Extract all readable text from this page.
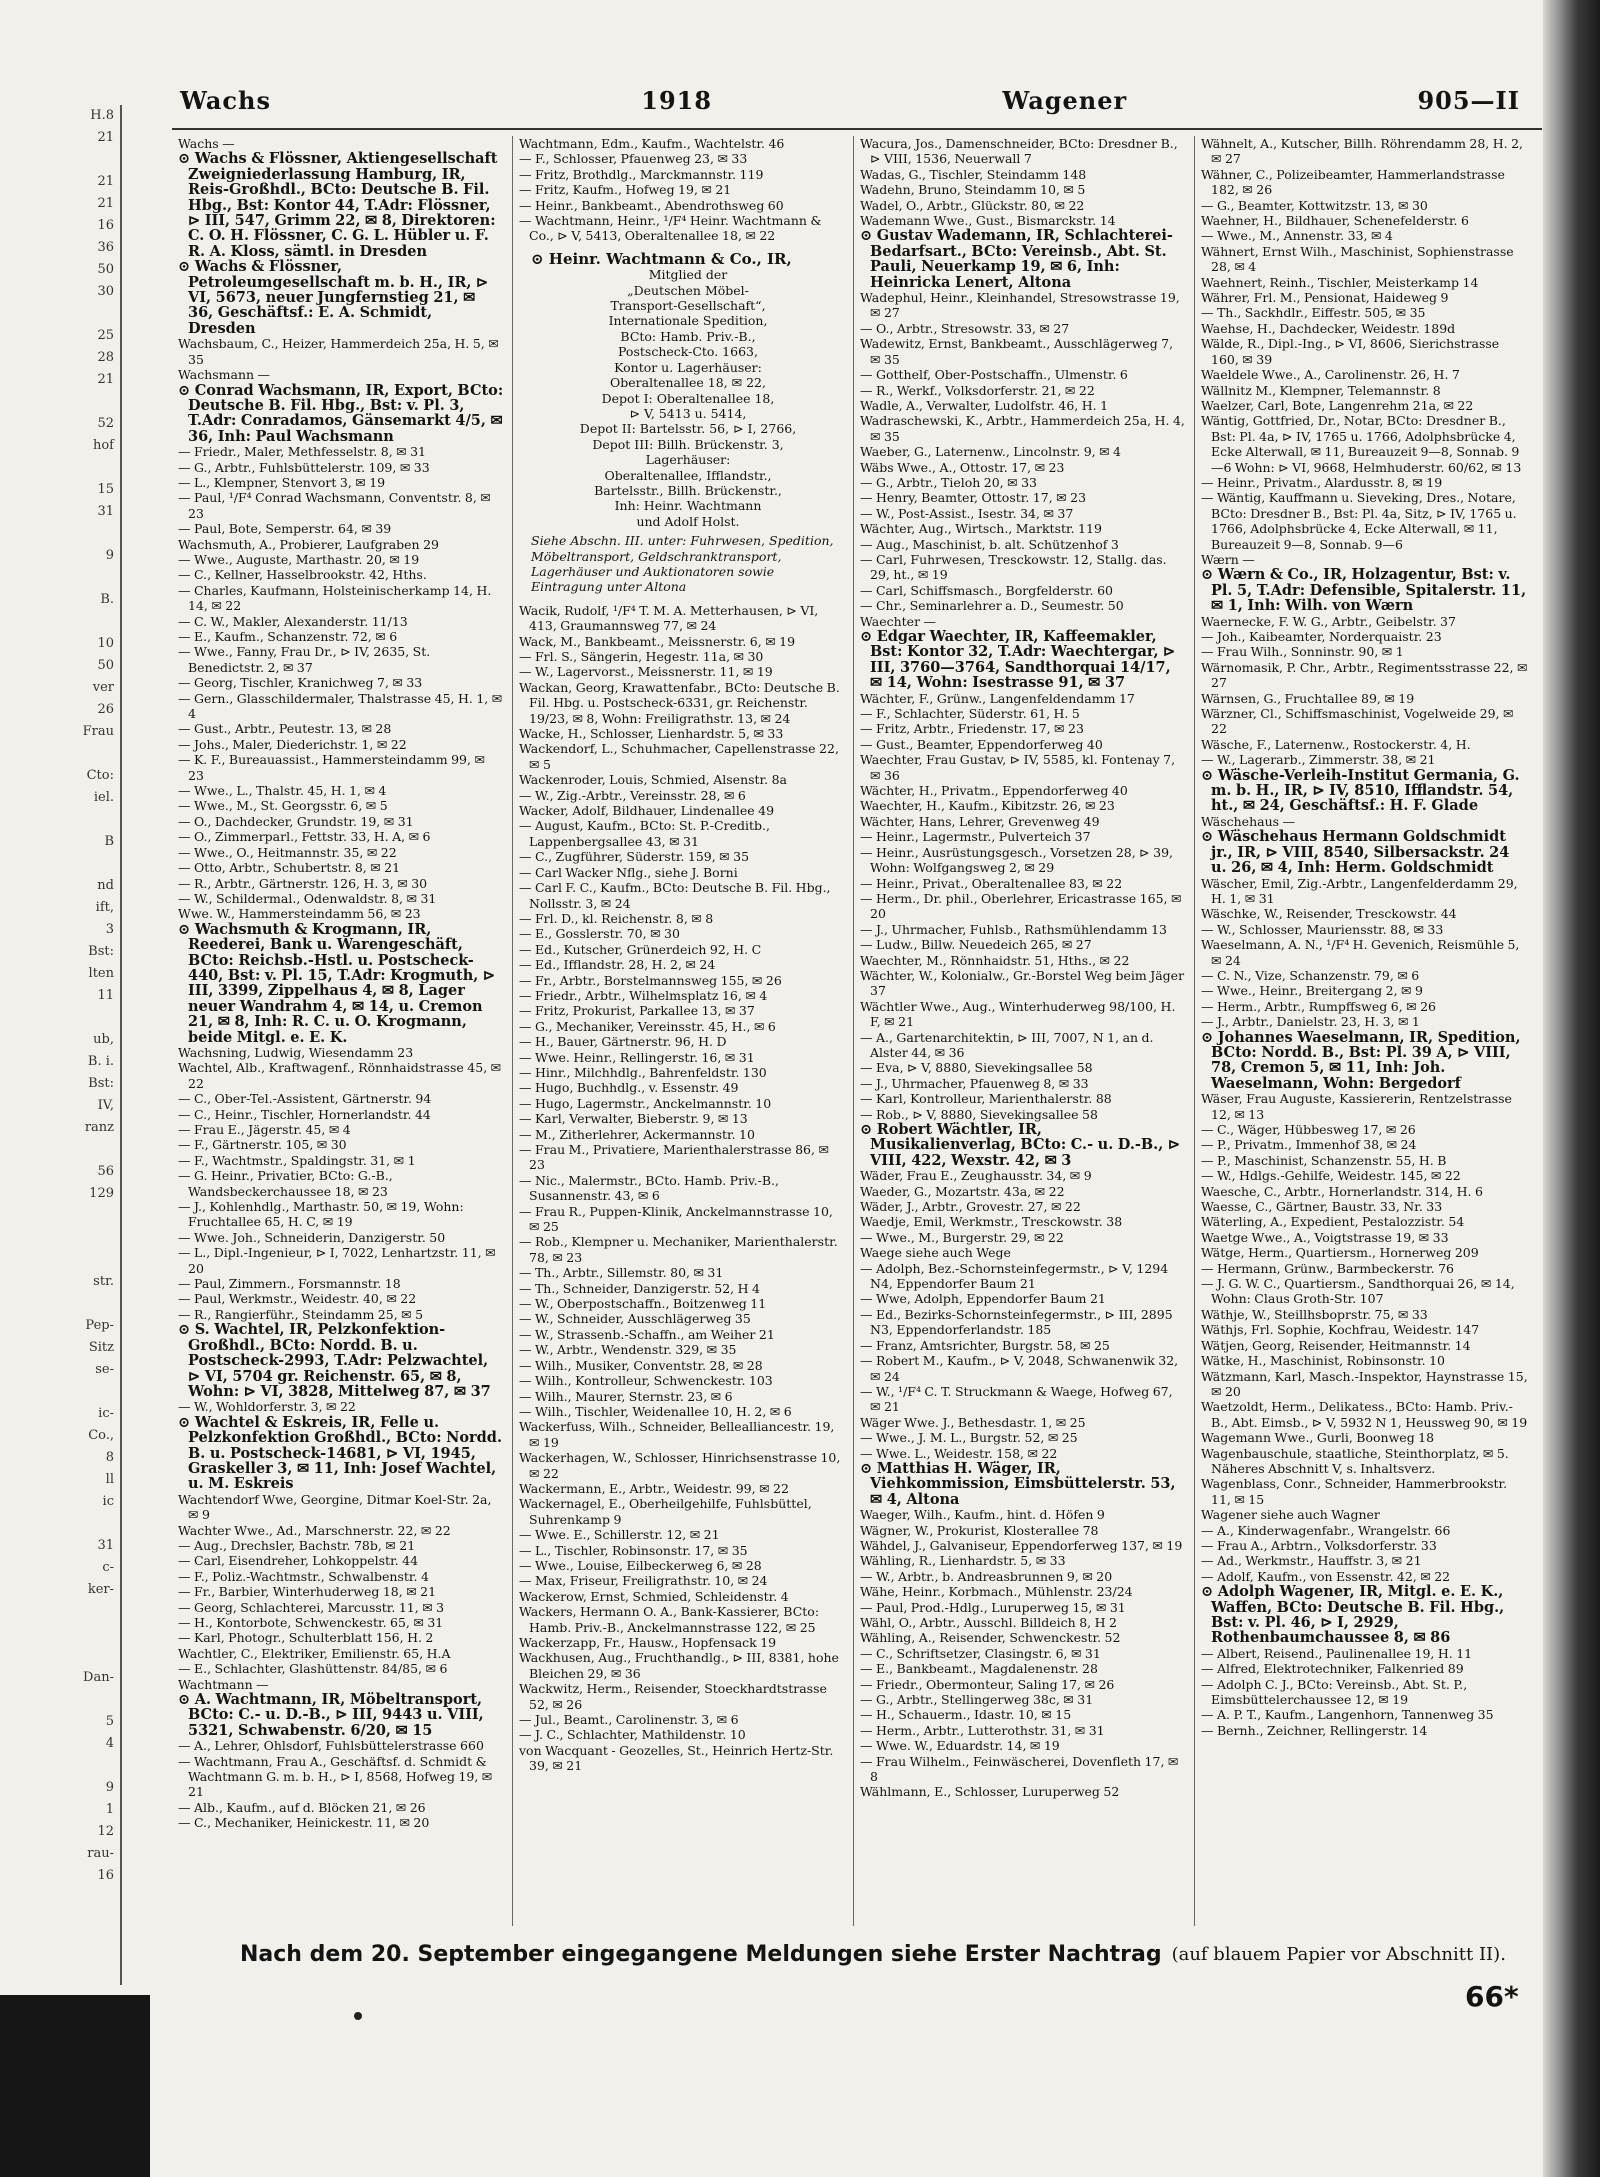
H.8
21

21
21
16
36
50
30

25
28
21

52
hof

15
31

9

B.

10
50
ver
26
Frau

Cto:
iel.

B

nd
ift,
3
Bst:
lten
11

ub,
B. i.
Bst:
IV,
ranz

56
129

str.

Pep-
Sitz
se-

ic-
Co.,
8
ll
ic

31
c-
ker-

Dan-

5
4

9
1
12
rau-
16
Wachs	1918	Wagener	905—II

Wachs —

⊙ Wachs & Flössner, Aktiengesellschaft Zweigniederlassung Hamburg, IR, Reis-Großhdl., BCto: Deutsche B. Fil. Hbg., Bst: Kontor 44, T.Adr: Flössner, ⊳ III, 547, Grimm 22, ✉ 8, Direktoren: C. O. H. Flössner, C. G. L. Hübler u. F. R. A. Kloss, sämtl. in Dresden

⊙ Wachs & Flössner, Petroleumgesellschaft m. b. H., IR, ⊳ VI, 5673, neuer Jungfernstieg 21, ✉ 36, Geschäftsf.: E. A. Schmidt, Dresden

Wachsbaum, C., Heizer, Hammerdeich 25a, H. 5, ✉ 35

Wachsmann —

⊙ Conrad Wachsmann, IR, Export, BCto: Deutsche B. Fil. Hbg., Bst: v. Pl. 3, T.Adr: Conradamos, Gänsemarkt 4/5, ✉ 36, Inh: Paul Wachsmann

— Friedr., Maler, Methfesselstr. 8, ✉ 31

— G., Arbtr., Fuhlsbüttelerstr. 109, ✉ 33

— L., Klempner, Stenvort 3, ✉ 19

— Paul, ¹/F⁴ Conrad Wachsmann, Conventstr. 8, ✉ 23

— Paul, Bote, Semperstr. 64, ✉ 39

Wachsmuth, A., Probierer, Laufgraben 29

— Wwe., Auguste, Marthastr. 20, ✉ 19

— C., Kellner, Hasselbrookstr. 42, Hths.

— Charles, Kaufmann, Holsteinischerkamp 14, H. 14, ✉ 22

— C. W., Makler, Alexanderstr. 11/13

— E., Kaufm., Schanzenstr. 72, ✉ 6

— Wwe., Fanny, Frau Dr., ⊳ IV, 2635, St. Benedictstr. 2, ✉ 37

— Georg, Tischler, Kranichweg 7, ✉ 33

— Gern., Glasschildermaler, Thalstrasse 45, H. 1, ✉ 4

— Gust., Arbtr., Peutestr. 13, ✉ 28

— Johs., Maler, Diederichstr. 1, ✉ 22

— K. F., Bureauassist., Hammersteindamm 99, ✉ 23

— Wwe., L., Thalstr. 45, H. 1, ✉ 4

— Wwe., M., St. Georgsstr. 6, ✉ 5

— O., Dachdecker, Grundstr. 19, ✉ 31

— O., Zimmerparl., Fettstr. 33, H. A, ✉ 6

— Wwe., O., Heitmannstr. 35, ✉ 22

— Otto, Arbtr., Schubertstr. 8, ✉ 21

— R., Arbtr., Gärtnerstr. 126, H. 3, ✉ 30

— W., Schildermal., Odenwaldstr. 8, ✉ 31

Wwe. W., Hammersteindamm 56, ✉ 23

⊙ Wachsmuth & Krogmann, IR, Reederei, Bank u. Warengeschäft, BCto: Reichsb.-Hstl. u. Postscheck-440, Bst: v. Pl. 15, T.Adr: Krogmuth, ⊳ III, 3399, Zippelhaus 4, ✉ 8, Lager neuer Wandrahm 4, ✉ 14, u. Cremon 21, ✉ 8, Inh: R. C. u. O. Krogmann, beide Mitgl. e. E. K.

Wachsning, Ludwig, Wiesendamm 23

Wachtel, Alb., Kraftwagenf., Rönnhaidstrasse 45, ✉ 22

— C., Ober-Tel.-Assistent, Gärtnerstr. 94

— C., Heinr., Tischler, Hornerlandstr. 44

— Frau E., Jägerstr. 45, ✉ 4

— F., Gärtnerstr. 105, ✉ 30

— F., Wachtmstr., Spaldingstr. 31, ✉ 1

— G. Heinr., Privatier, BCto: G.-B., Wandsbeckerchaussee 18, ✉ 23

— J., Kohlenhdlg., Marthastr. 50, ✉ 19, Wohn: Fruchtallee 65, H. C, ✉ 19

— Wwe. Joh., Schneiderin, Danzigerstr. 50

— L., Dipl.-Ingenieur, ⊳ I, 7022, Lenhartzstr. 11, ✉ 20

— Paul, Zimmern., Forsmannstr. 18

— Paul, Werkmstr., Weidestr. 40, ✉ 22

— R., Rangierführ., Steindamm 25, ✉ 5

⊙ S. Wachtel, IR, Pelzkonfektion-Großhdl., BCto: Nordd. B. u. Postscheck-2993, T.Adr: Pelzwachtel, ⊳ VI, 5704 gr. Reichenstr. 65, ✉ 8, Wohn: ⊳ VI, 3828, Mittelweg 87, ✉ 37

— W., Wohldorferstr. 3, ✉ 22

⊙ Wachtel & Eskreis, IR, Felle u. Pelzkonfektion Großhdl., BCto: Nordd. B. u. Postscheck-14681, ⊳ VI, 1945, Graskeller 3, ✉ 11, Inh: Josef Wachtel, u. M. Eskreis

Wachtendorf Wwe, Georgine, Ditmar Koel-Str. 2a, ✉ 9

Wachter Wwe., Ad., Marschnerstr. 22, ✉ 22

— Aug., Drechsler, Bachstr. 78b, ✉ 21

— Carl, Eisendreher, Lohkoppelstr. 44

— F., Poliz.-Wachtmstr., Schwalbenstr. 4

— Fr., Barbier, Winterhuderweg 18, ✉ 21

— Georg, Schlachterei, Marcusstr. 11, ✉ 3

— H., Kontorbote, Schwenckestr. 65, ✉ 31

— Karl, Photogr., Schulterblatt 156, H. 2

Wachtler, C., Elektriker, Emilienstr. 65, H.A

— E., Schlachter, Glashüttenstr. 84/85, ✉ 6

Wachtmann —

⊙ A. Wachtmann, IR, Möbeltransport, BCto: C.- u. D.-B., ⊳ III, 9443 u. VIII, 5321, Schwabenstr. 6/20, ✉ 15

— A., Lehrer, Ohlsdorf, Fuhlsbüttelerstrasse 660

— Wachtmann, Frau A., Geschäftsf. d. Schmidt & Wachtmann G. m. b. H., ⊳ I, 8568, Hofweg 19, ✉ 21

— Alb., Kaufm., auf d. Blöcken 21, ✉ 26

— C., Mechaniker, Heinickestr. 11, ✉ 20

Wachtmann, Edm., Kaufm., Wachtelstr. 46

— F., Schlosser, Pfauenweg 23, ✉ 33

— Fritz, Brothdlg., Marckmannstr. 119

— Fritz, Kaufm., Hofweg 19, ✉ 21

— Heinr., Bankbeamt., Abendrothsweg 60

— Wachtmann, Heinr., ¹/F⁴ Heinr. Wachtmann & Co., ⊳ V, 5413, Oberaltenallee 18, ✉ 22

⊙ Heinr. Wachtmann & Co., IR,
Mitglied der
„Deutschen Möbel-
Transport-Gesellschaft“,
Internationale Spedition,
BCto: Hamb. Priv.-B.,
Postscheck-Cto. 1663,
Kontor u. Lagerhäuser:
Oberaltenallee 18, ✉ 22,
Depot I: Oberaltenallee 18,
⊳ V, 5413 u. 5414,
Depot II: Bartelsstr. 56, ⊳ I, 2766,
Depot III: Billh. Brückenstr. 3,
Lagerhäuser:
Oberaltenallee, Ifflandstr.,
Bartelsstr., Billh. Brückenstr.,
Inh: Heinr. Wachtmann
und Adolf Holst.
Siehe Abschn. III. unter: Fuhrwesen, Spedition, Möbeltransport, Geldschranktransport, Lagerhäuser und Auktionatoren sowie Eintragung unter Altona

Wacik, Rudolf, ¹/F⁴ T. M. A. Metterhausen, ⊳ VI, 413, Graumannsweg 77, ✉ 24

Wack, M., Bankbeamt., Meissnerstr. 6, ✉ 19

— Frl. S., Sängerin, Hegestr. 11a, ✉ 30

— W., Lagervorst., Meissnerstr. 11, ✉ 19

Wackan, Georg, Krawattenfabr., BCto: Deutsche B. Fil. Hbg. u. Postscheck-6331, gr. Reichenstr. 19/23, ✉ 8, Wohn: Freiligrathstr. 13, ✉ 24

Wacke, H., Schlosser, Lienhardstr. 5, ✉ 33

Wackendorf, L., Schuhmacher, Capellenstrasse 22, ✉ 5

Wackenroder, Louis, Schmied, Alsenstr. 8a

— W., Zig.-Arbtr., Vereinsstr. 28, ✉ 6

Wacker, Adolf, Bildhauer, Lindenallee 49

— August, Kaufm., BCto: St. P.-Creditb., Lappenbergsallee 43, ✉ 31

— C., Zugführer, Süderstr. 159, ✉ 35

— Carl Wacker Nflg., siehe J. Borni

— Carl F. C., Kaufm., BCto: Deutsche B. Fil. Hbg., Nollsstr. 3, ✉ 24

— Frl. D., kl. Reichenstr. 8, ✉ 8

— E., Gosslerstr. 70, ✉ 30

— Ed., Kutscher, Grünerdeich 92, H. C

— Ed., Ifflandstr. 28, H. 2, ✉ 24

— Fr., Arbtr., Borstelmannsweg 155, ✉ 26

— Friedr., Arbtr., Wilhelmsplatz 16, ✉ 4

— Fritz, Prokurist, Parkallee 13, ✉ 37

— G., Mechaniker, Vereinsstr. 45, H., ✉ 6

— H., Bauer, Gärtnerstr. 96, H. D

— Wwe. Heinr., Rellingerstr. 16, ✉ 31

— Hinr., Milchhdlg., Bahrenfeldstr. 130

— Hugo, Buchhdlg., v. Essenstr. 49

— Hugo, Lagermstr., Anckelmannstr. 10

— Karl, Verwalter, Bieberstr. 9, ✉ 13

— M., Zitherlehrer, Ackermannstr. 10

— Frau M., Privatiere, Marienthalerstrasse 86, ✉ 23

— Nic., Malermstr., BCto. Hamb. Priv.-B., Susannenstr. 43, ✉ 6

— Frau R., Puppen-Klinik, Anckelmannstrasse 10, ✉ 25

— Rob., Klempner u. Mechaniker, Marienthalerstr. 78, ✉ 23

— Th., Arbtr., Sillemstr. 80, ✉ 31

— Th., Schneider, Danzigerstr. 52, H 4

— W., Oberpostschaffn., Boitzenweg 11

— W., Schneider, Ausschlägerweg 35

— W., Strassenb.-Schaffn., am Weiher 21

— W., Arbtr., Wendenstr. 329, ✉ 35

— Wilh., Musiker, Conventstr. 28, ✉ 28

— Wilh., Kontrolleur, Schwenckestr. 103

— Wilh., Maurer, Sternstr. 23, ✉ 6

— Wilh., Tischler, Weidenallee 10, H. 2, ✉ 6

Wackerfuss, Wilh., Schneider, Bellealliancestr. 19, ✉ 19

Wackerhagen, W., Schlosser, Hinrichsenstrasse 10, ✉ 22

Wackermann, E., Arbtr., Weidestr. 99, ✉ 22

Wackernagel, E., Oberheilgehilfe, Fuhlsbüttel, Suhrenkamp 9

— Wwe. E., Schillerstr. 12, ✉ 21

— L., Tischler, Robinsonstr. 17, ✉ 35

— Wwe., Louise, Eilbeckerweg 6, ✉ 28

— Max, Friseur, Freiligrathstr. 10, ✉ 24

Wackerow, Ernst, Schmied, Schleidenstr. 4

Wackers, Hermann O. A., Bank-Kassierer, BCto: Hamb. Priv.-B., Anckelmannstrasse 122, ✉ 25

Wackerzapp, Fr., Hausw., Hopfensack 19

Wackhusen, Aug., Fruchthandlg., ⊳ III, 8381, hohe Bleichen 29, ✉ 36

Wackwitz, Herm., Reisender, Stoeckhardtstrasse 52, ✉ 26

— Jul., Beamt., Carolinenstr. 3, ✉ 6

— J. C., Schlachter, Mathildenstr. 10

von Wacquant - Geozelles, St., Heinrich Hertz-Str. 39, ✉ 21

Wacura, Jos., Damenschneider, BCto: Dresdner B., ⊳ VIII, 1536, Neuerwall 7

Wadas, G., Tischler, Steindamm 148

Wadehn, Bruno, Steindamm 10, ✉ 5

Wadel, O., Arbtr., Glückstr. 80, ✉ 22

Wademann Wwe., Gust., Bismarckstr. 14

⊙ Gustav Wademann, IR, Schlachterei-Bedarfsart., BCto: Vereinsb., Abt. St. Pauli, Neuerkamp 19, ✉ 6, Inh: Heinricka Lenert, Altona

Wadephul, Heinr., Kleinhandel, Stresowstrasse 19, ✉ 27

— O., Arbtr., Stresowstr. 33, ✉ 27

Wadewitz, Ernst, Bankbeamt., Ausschlägerweg 7, ✉ 35

— Gotthelf, Ober-Postschaffn., Ulmenstr. 6

— R., Werkf., Volksdorferstr. 21, ✉ 22

Wadle, A., Verwalter, Ludolfstr. 46, H. 1

Wadraschewski, K., Arbtr., Hammerdeich 25a, H. 4, ✉ 35

Waeber, G., Laternenw., Lincolnstr. 9, ✉ 4

Wäbs Wwe., A., Ottostr. 17, ✉ 23

— G., Arbtr., Tieloh 20, ✉ 33

— Henry, Beamter, Ottostr. 17, ✉ 23

— W., Post-Assist., Isestr. 34, ✉ 37

Wächter, Aug., Wirtsch., Marktstr. 119

— Aug., Maschinist, b. alt. Schützenhof 3

— Carl, Fuhrwesen, Tresckowstr. 12, Stallg. das. 29, ht., ✉ 19

— Carl, Schiffsmasch., Borgfelderstr. 60

— Chr., Seminarlehrer a. D., Seumestr. 50

Waechter —

⊙ Edgar Waechter, IR, Kaffeemakler, Bst: Kontor 32, T.Adr: Waechtergar, ⊳ III, 3760—3764, Sandthorquai 14/17, ✉ 14, Wohn: Isestrasse 91, ✉ 37

Wächter, F., Grünw., Langenfeldendamm 17

— F., Schlachter, Süderstr. 61, H. 5

— Fritz, Arbtr., Friedenstr. 17, ✉ 23

— Gust., Beamter, Eppendorferweg 40

Waechter, Frau Gustav, ⊳ IV, 5585, kl. Fontenay 7, ✉ 36

Wächter, H., Privatm., Eppendorferweg 40

Waechter, H., Kaufm., Kibitzstr. 26, ✉ 23

Wächter, Hans, Lehrer, Grevenweg 49

— Heinr., Lagermstr., Pulverteich 37

— Heinr., Ausrüstungsgesch., Vorsetzen 28, ⊳ 39, Wohn: Wolfgangsweg 2, ✉ 29

— Heinr., Privat., Oberaltenallee 83, ✉ 22

— Herm., Dr. phil., Oberlehrer, Ericastrasse 165, ✉ 20

— J., Uhrmacher, Fuhlsb., Rathsmühlendamm 13

— Ludw., Billw. Neuedeich 265, ✉ 27

Waechter, M., Rönnhaidstr. 51, Hths., ✉ 22

Wächter, W., Kolonialw., Gr.-Borstel Weg beim Jäger 37

Wächtler Wwe., Aug., Winterhuderweg 98/100, H. F, ✉ 21

— A., Gartenarchitektin, ⊳ III, 7007, N 1, an d. Alster 44, ✉ 36

— Eva, ⊳ V, 8880, Sievekingsallee 58

— J., Uhrmacher, Pfauenweg 8, ✉ 33

— Karl, Kontrolleur, Marienthalerstr. 88

— Rob., ⊳ V, 8880, Sievekingsallee 58

⊙ Robert Wächtler, IR, Musikalienverlag, BCto: C.- u. D.-B., ⊳ VIII, 422, Wexstr. 42, ✉ 3

Wäder, Frau E., Zeughausstr. 34, ✉ 9

Waeder, G., Mozartstr. 43a, ✉ 22

Wäder, J., Arbtr., Grovestr. 27, ✉ 22

Waedje, Emil, Werkmstr., Tresckowstr. 38

— Wwe., M., Burgerstr. 29, ✉ 22

Waege siehe auch Wege

— Adolph, Bez.-Schornsteinfegermstr., ⊳ V, 1294 N4, Eppendorfer Baum 21

— Wwe, Adolph, Eppendorfer Baum 21

— Ed., Bezirks-Schornsteinfegermstr., ⊳ III, 2895 N3, Eppendorferlandstr. 185

— Franz, Amtsrichter, Burgstr. 58, ✉ 25

— Robert M., Kaufm., ⊳ V, 2048, Schwanenwik 32, ✉ 24

— W., ¹/F⁴ C. T. Struckmann & Waege, Hofweg 67, ✉ 21

Wäger Wwe. J., Bethesdastr. 1, ✉ 25

— Wwe., J. M. L., Burgstr. 52, ✉ 25

— Wwe. L., Weidestr. 158, ✉ 22

⊙ Matthias H. Wäger, IR, Viehkommission, Eimsbüttelerstr. 53, ✉ 4, Altona

Waeger, Wilh., Kaufm., hint. d. Höfen 9

Wägner, W., Prokurist, Klosterallee 78

Wähdel, J., Galvaniseur, Eppendorferweg 137, ✉ 19

Wähling, R., Lienhardstr. 5, ✉ 33

— W., Arbtr., b. Andreasbrunnen 9, ✉ 20

Wähe, Heinr., Korbmach., Mühlenstr. 23/24

— Paul, Prod.-Hdlg., Luruperweg 15, ✉ 31

Wähl, O., Arbtr., Ausschl. Billdeich 8, H 2

Wähling, A., Reisender, Schwenckestr. 52

— C., Schriftsetzer, Clasingstr. 6, ✉ 31

— E., Bankbeamt., Magdalenenstr. 28

— Friedr., Obermonteur, Saling 17, ✉ 26

— G., Arbtr., Stellingerweg 38c, ✉ 31

— H., Schauerm., Idastr. 10, ✉ 15

— Herm., Arbtr., Lutterothstr. 31, ✉ 31

— Wwe. W., Eduardstr. 14, ✉ 19

— Frau Wilhelm., Feinwäscherei, Dovenfleth 17, ✉ 8

Wählmann, E., Schlosser, Luruperweg 52

Wähnelt, A., Kutscher, Billh. Röhrendamm 28, H. 2, ✉ 27

Wähner, C., Polizeibeamter, Hammerlandstrasse 182, ✉ 26

— G., Beamter, Kottwitzstr. 13, ✉ 30

Waehner, H., Bildhauer, Schenefelderstr. 6

— Wwe., M., Annenstr. 33, ✉ 4

Wähnert, Ernst Wilh., Maschinist, Sophienstrasse 28, ✉ 4

Waehnert, Reinh., Tischler, Meisterkamp 14

Währer, Frl. M., Pensionat, Haideweg 9

— Th., Sackhdlr., Eiffestr. 505, ✉ 35

Waehse, H., Dachdecker, Weidestr. 189d

Wälde, R., Dipl.-Ing., ⊳ VI, 8606, Sierichstrasse 160, ✉ 39

Waeldele Wwe., A., Carolinenstr. 26, H. 7

Wällnitz M., Klempner, Telemannstr. 8

Waelzer, Carl, Bote, Langenrehm 21a, ✉ 22

Wäntig, Gottfried, Dr., Notar, BCto: Dresdner B., Bst: Pl. 4a, ⊳ IV, 1765 u. 1766, Adolphsbrücke 4, Ecke Alterwall, ✉ 11, Bureauzeit 9—8, Sonnab. 9—6 Wohn: ⊳ VI, 9668, Helmhuderstr. 60/62, ✉ 13

— Heinr., Privatm., Alardusstr. 8, ✉ 19

— Wäntig, Kauffmann u. Sieveking, Dres., Notare, BCto: Dresdner B., Bst: Pl. 4a, Sitz, ⊳ IV, 1765 u. 1766, Adolphsbrücke 4, Ecke Alterwall, ✉ 11, Bureauzeit 9—8, Sonnab. 9—6

Wærn —

⊙ Wærn & Co., IR, Holzagentur, Bst: v. Pl. 5, T.Adr: Defensible, Spitalerstr. 11, ✉ 1, Inh: Wilh. von Wærn

Waernecke, F. W. G., Arbtr., Geibelstr. 37

— Joh., Kaibeamter, Norderquaistr. 23

— Frau Wilh., Sonninstr. 90, ✉ 1

Wärnomasik, P. Chr., Arbtr., Regimentsstrasse 22, ✉ 27

Wärnsen, G., Fruchtallee 89, ✉ 19

Wärzner, Cl., Schiffsmaschinist, Vogelweide 29, ✉ 22

Wäsche, F., Laternenw., Rostockerstr. 4, H.

— W., Lagerarb., Zimmerstr. 38, ✉ 21

⊙ Wäsche-Verleih-Institut Germania, G. m. b. H., IR, ⊳ IV, 8510, Ifflandstr. 54, ht., ✉ 24, Geschäftsf.: H. F. Glade

Wäschehaus —

⊙ Wäschehaus Hermann Goldschmidt jr., IR, ⊳ VIII, 8540, Silbersackstr. 24 u. 26, ✉ 4, Inh: Herm. Goldschmidt

Wäscher, Emil, Zig.-Arbtr., Langenfelderdamm 29, H. 1, ✉ 31

Wäschke, W., Reisender, Tresckowstr. 44

— W., Schlosser, Mauriensstr. 88, ✉ 33

Waeselmann, A. N., ¹/F⁴ H. Gevenich, Reismühle 5, ✉ 24

— C. N., Vize, Schanzenstr. 79, ✉ 6

— Wwe., Heinr., Breitergang 2, ✉ 9

— Herm., Arbtr., Rumpffsweg 6, ✉ 26

— J., Arbtr., Danielstr. 23, H. 3, ✉ 1

⊙ Johannes Waeselmann, IR, Spedition, BCto: Nordd. B., Bst: Pl. 39 A, ⊳ VIII, 78, Cremon 5, ✉ 11, Inh: Joh. Waeselmann, Wohn: Bergedorf

Wäser, Frau Auguste, Kassiererin, Rentzelstrasse 12, ✉ 13

— C., Wäger, Hübbesweg 17, ✉ 26

— P., Privatm., Immenhof 38, ✉ 24

— P., Maschinist, Schanzenstr. 55, H. B

— W., Hdlgs.-Gehilfe, Weidestr. 145, ✉ 22

Waesche, C., Arbtr., Hornerlandstr. 314, H. 6

Waesse, C., Gärtner, Baustr. 33, Nr. 33

Wäterling, A., Expedient, Pestalozzistr. 54

Waetge Wwe., A., Voigtstrasse 19, ✉ 33

Wätge, Herm., Quartiersm., Hornerweg 209

— Hermann, Grünw., Barmbeckerstr. 76

— J. G. W. C., Quartiersm., Sandthorquai 26, ✉ 14, Wohn: Claus Groth-Str. 107

Wäthje, W., Steillhsboprstr. 75, ✉ 33

Wäthjs, Frl. Sophie, Kochfrau, Weidestr. 147

Wätjen, Georg, Reisender, Heitmannstr. 14

Wätke, H., Maschinist, Robinsonstr. 10

Wätzmann, Karl, Masch.-Inspektor, Haynstrasse 15, ✉ 20

Waetzoldt, Herm., Delikatess., BCto: Hamb. Priv.-B., Abt. Eimsb., ⊳ V, 5932 N 1, Heussweg 90, ✉ 19

Wagemann Wwe., Gurli, Boonweg 18

Wagenbauschule, staatliche, Steinthorplatz, ✉ 5. Näheres Abschnitt V, s. Inhaltsverz.

Wagenblass, Conr., Schneider, Hammerbrookstr. 11, ✉ 15

Wagener siehe auch Wagner

— A., Kinderwagenfabr., Wrangelstr. 66

— Frau A., Arbtrn., Volksdorferstr. 33

— Ad., Werkmstr., Hauffstr. 3, ✉ 21

— Adolf, Kaufm., von Essenstr. 42, ✉ 22

⊙ Adolph Wagener, IR, Mitgl. e. E. K., Waffen, BCto: Deutsche B. Fil. Hbg., Bst: v. Pl. 46, ⊳ I, 2929, Rothenbaumchaussee 8, ✉ 86

— Albert, Reisend., Paulinenallee 19, H. 11

— Alfred, Elektrotechniker, Falkenried 89

— Adolph C. J., BCto: Vereinsb., Abt. St. P., Eimsbüttelerchaussee 12, ✉ 19

— A. P. T., Kaufm., Langenhorn, Tannenweg 35

— Bernh., Zeichner, Rellingerstr. 14

Nach dem 20. September eingegangene Meldungen siehe Erster Nachtrag (auf blauem Papier vor Abschnitt II).
66*
